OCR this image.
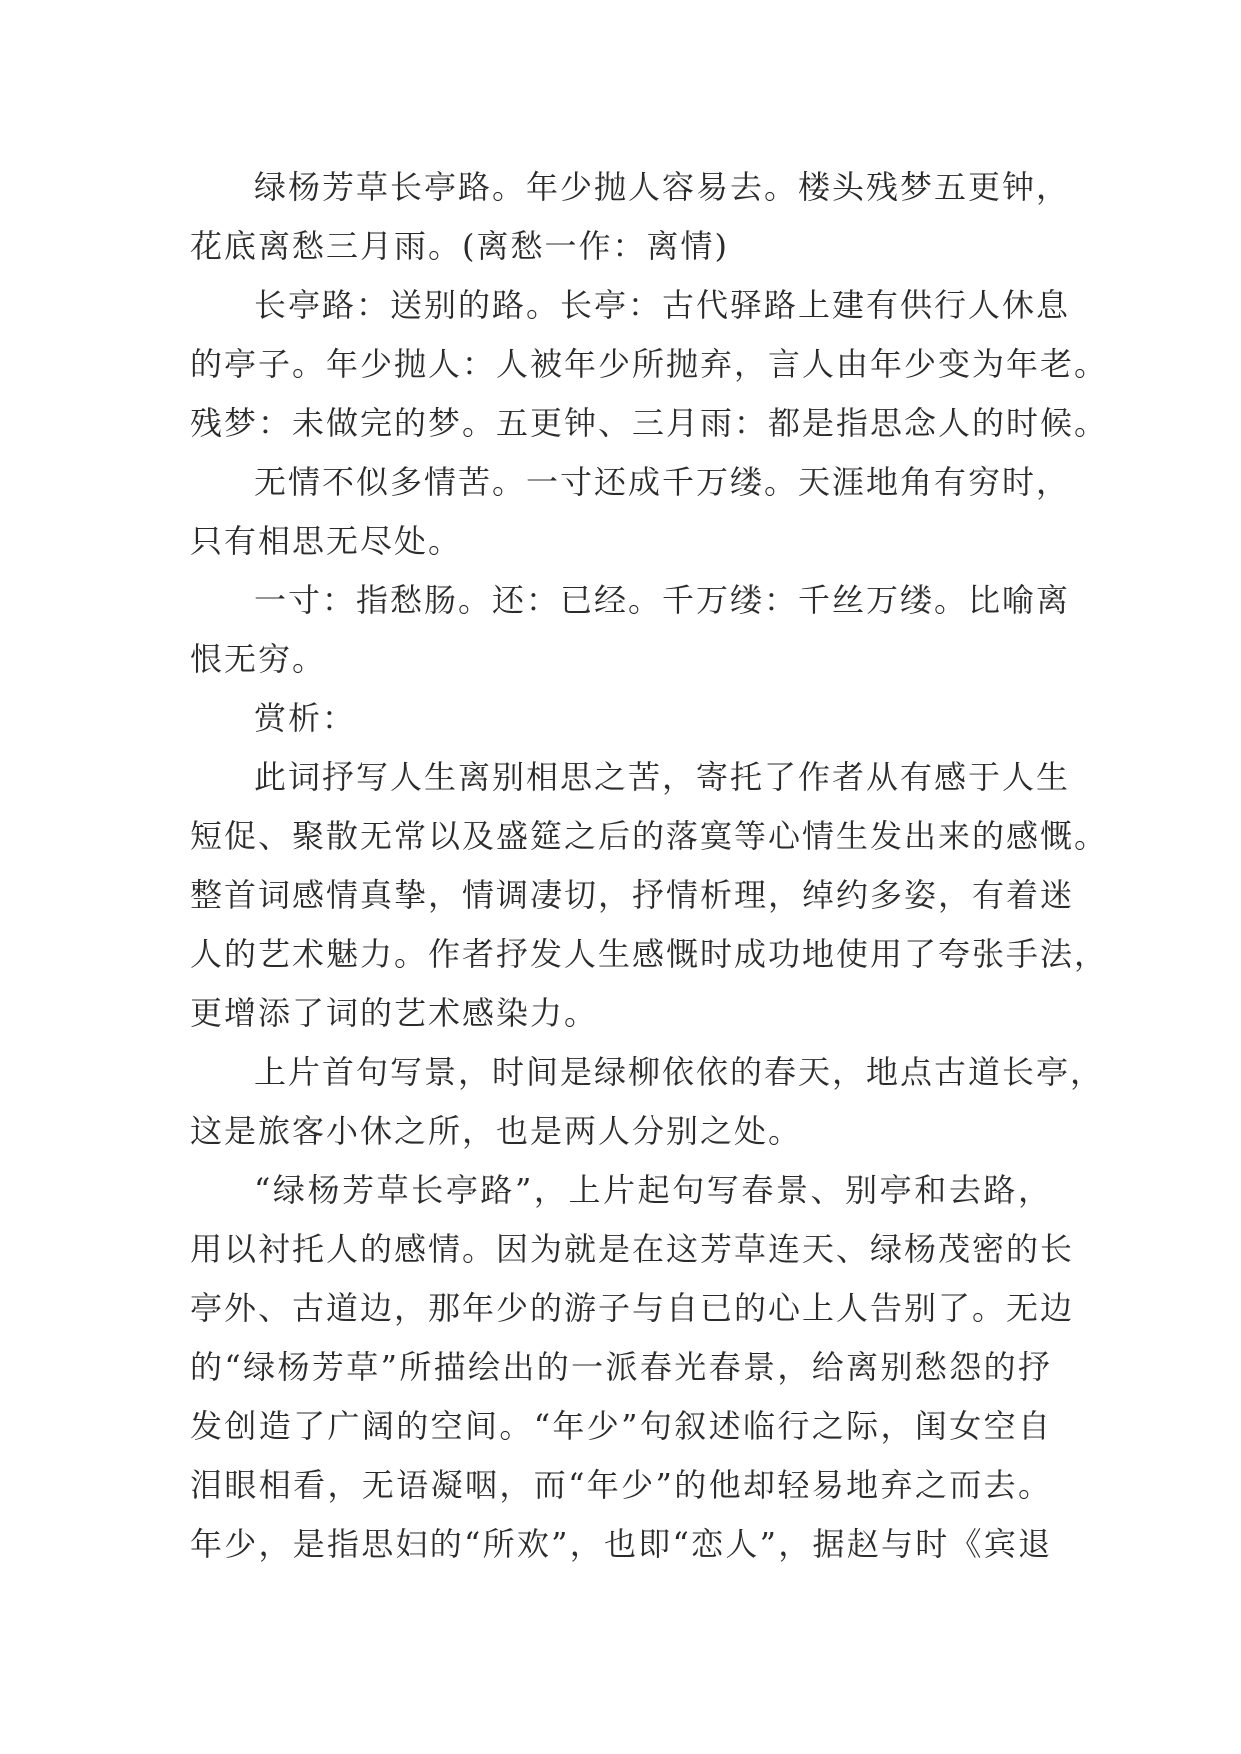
绿杨芳草长亭路。年少抛人容易去。楼头残梦五更钟，
花底离愁三月雨。(离愁一作：离情)

长亭路：送别的路。长亭：古代驿路上建有供行人休息
的亭子。年少抛人：人被年少所抛弃，言人由年少变为年老。
残梦：未做完的梦。五更钟、三月雨：都是指思念人的时候。

无情不似多情苦。一寸还成千万缕。天涯地角有穷时，
只有相思无尽处。

一寸：指愁肠。还：已经。千万缕：千丝万缕。比喻离
恨无穷。

赏析：

此词抒写人生离别相思之苦，寄托了作者从有感于人生
短促、聚散无常以及盛筵之后的落寞等心情生发出来的感慨。
整首词感情真挚，情调凄切，抒情析理，绰约多姿，有着迷
人的艺术魅力。作者抒发人生感慨时成功地使用了夸张手法，
更增添了词的艺术感染力。

上片首句写景，时间是绿柳依依的春天，地点古道长亭，
这是旅客小休之所，也是两人分别之处。

“绿杨芳草长亭路”，上片起句写春景、别亭和去路，
用以衬托人的感情。因为就是在这芳草连天、绿杨茂密的长
亭外、古道边，那年少的游子与自已的心上人告别了。无边
的“绿杨芳草”所描绘出的一派春光春景，给离别愁怨的抒
发创造了广阔的空间。“年少”句叙述临行之际，闺女空自
泪眼相看，无语凝咽，而“年少”的他却轻易地弃之而去。
年少，是指思妇的“所欢”，也即“恋人”，据赵与时《宾退
